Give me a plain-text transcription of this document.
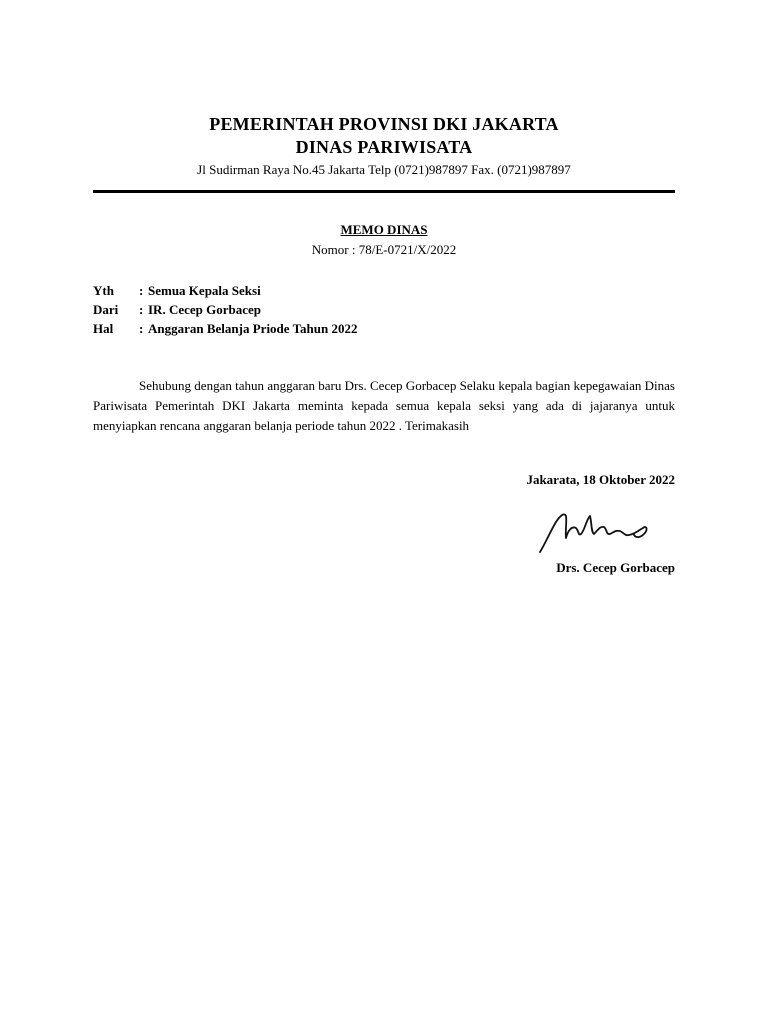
PEMERINTAH PROVINSI DKI JAKARTA
DINAS PARIWISATA
Jl Sudirman Raya No.45 Jakarta Telp (0721)987897 Fax. (0721)987897
MEMO DINAS
Nomor : 78/E-0721/X/2022
Yth : Semua Kepala Seksi
Dari : IR. Cecep Gorbacep
Hal : Anggaran Belanja Priode Tahun 2022
Sehubung dengan tahun anggaran baru Drs. Cecep Gorbacep Selaku kepala bagian kepegawaian Dinas Pariwisata Pemerintah DKI Jakarta meminta kepada semua kepala seksi yang ada di jajaranya untuk menyiapkan rencana anggaran belanja periode tahun 2022 . Terimakasih
Jakarata, 18 Oktober 2022
Drs. Cecep Gorbacep
